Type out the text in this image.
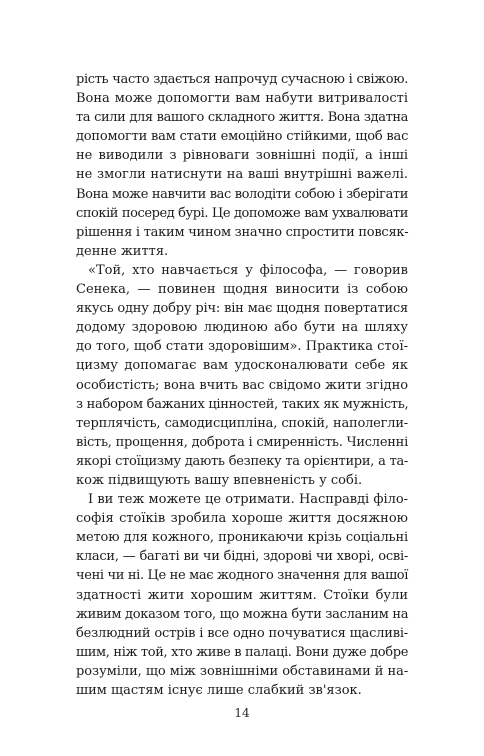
ріcть часто здається напрочуд сучасною і свіжою.
Вона може допомогти вам набути витривалості
та сили для вашого складного життя. Вона здатна
допомогти вам стати емоційно стійкими, щоб вас
не виводили з рівноваги зовнішні події, а інші
не змогли натиснути на ваші внутрішні важелі.
Вона може навчити вас володіти собою і зберігати
спокій посеред бурі. Це допоможе вам ухвалювати
рішення і таким чином значно спростити повсяк-
денне життя.

«Той, хто навчається у філософа, — говорив
Сенека, — повинен щодня виносити із собою
якусь одну добру річ: він має щодня повертатися
додому здоровою людиною або бути на шляху
до того, щоб стати здоровішим». Практика стої-
цизму допомагає вам удосконалювати себе як
особистість; вона вчить вас свідомо жити згідно
з набором бажаних цінностей, таких як мужність,
терплячість, самодисципліна, спокій, наполегли-
вість, прощення, доброта і смиренність. Численні
якорі стоїцизму дають безпеку та орієнтири, а та-
кож підвищують вашу впевненість у собі.

І ви теж можете це отримати. Насправді філо-
софія стоїків зробила хороше життя досяжною
метою для кожного, проникаючи крізь соціальні
класи, — багаті ви чи бідні, здорові чи хворі, осві-
чені чи ні. Це не має жодного значення для вашої
здатності жити хорошим життям. Стоїки були
живим доказом того, що можна бути засланим на
безлюдний острів і все одно почуватися щасливі-
шим, ніж той, хто живе в палаці. Вони дуже добре
розуміли, що між зовнішніми обставинами й на-
шим щастям існує лише слабкий зв'язок.

14
